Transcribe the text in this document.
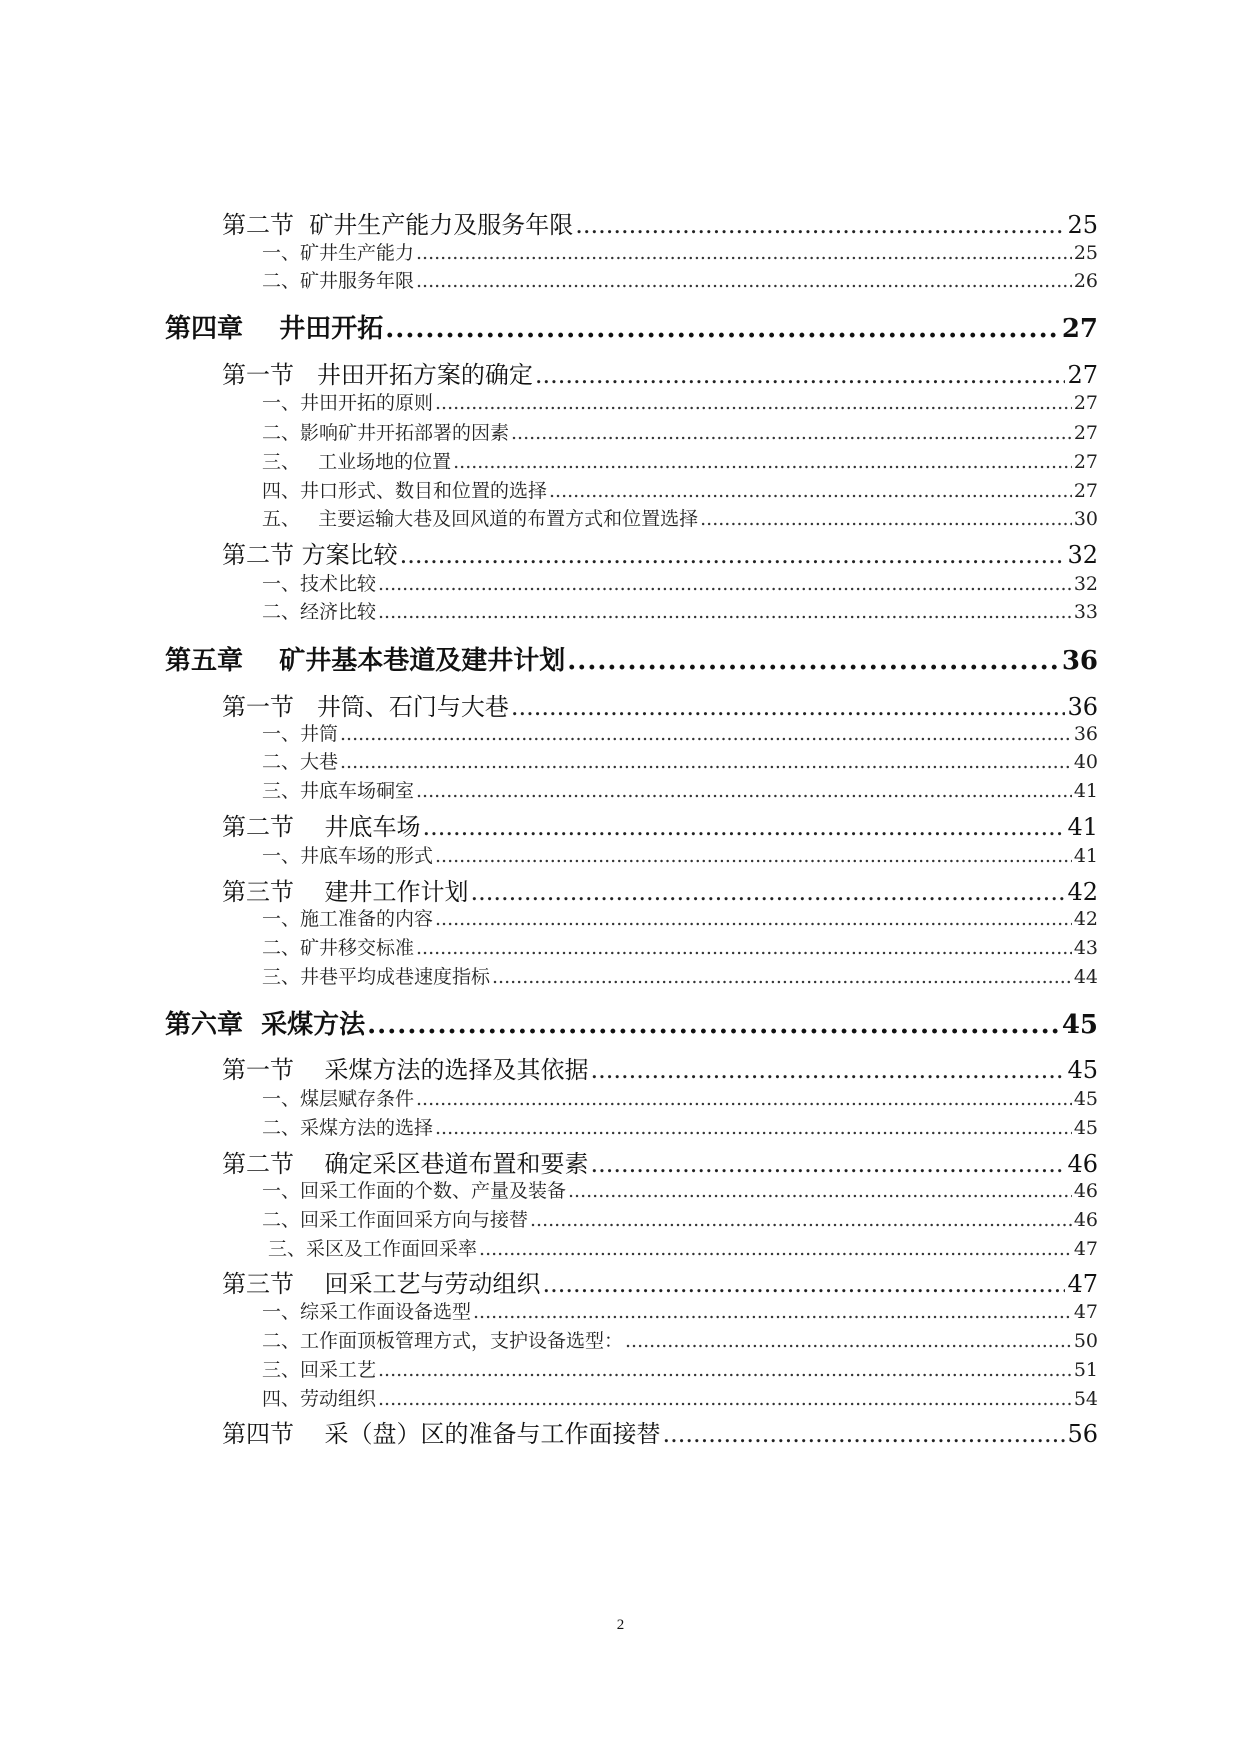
第二节  矿井生产能力及服务年限 .....	25
一、矿井生产能力 .....	25
二、矿井服务年限 .....	26
第四章    井田开拓 .....	27
第一节   井田开拓方案的确定 .....	27
一、井田开拓的原则 .....	27
二、影响矿井开拓部署的因素 .....	27
三、   工业场地的位置 .....	27
四、井口形式、数目和位置的选择 .....	27
五、   主要运输大巷及回风道的布置方式和位置选择 .....	30
第二节 方案比较 .....	32
一、技术比较 .....	32
二、经济比较 .....	33
第五章    矿井基本巷道及建井计划 .....	36
第一节   井筒、石门与大巷 .....	36
一、井筒 .....	36
二、大巷 .....	40
三、井底车场硐室 .....	41
第二节    井底车场 .....	41
一、井底车场的形式 .....	41
第三节    建井工作计划 .....	42
一、施工准备的内容 .....	42
二、矿井移交标准 .....	43
三、井巷平均成巷速度指标 .....	44
第六章  采煤方法 .....	45
第一节    采煤方法的选择及其依据 .....	45
一、煤层赋存条件 .....	45
二、采煤方法的选择 .....	45
第二节    确定采区巷道布置和要素 .....	46
一、回采工作面的个数、产量及装备 .....	46
二、回采工作面回采方向与接替 .....	46
三、采区及工作面回采率 .....	47
第三节    回采工艺与劳动组织 .....	47
一、综采工作面设备选型 .....	47
二、工作面顶板管理方式，支护设备选型： .....	50
三、回采工艺 .....	51
四、劳动组织 .....	54
第四节    采（盘）区的准备与工作面接替 .....	56
2
